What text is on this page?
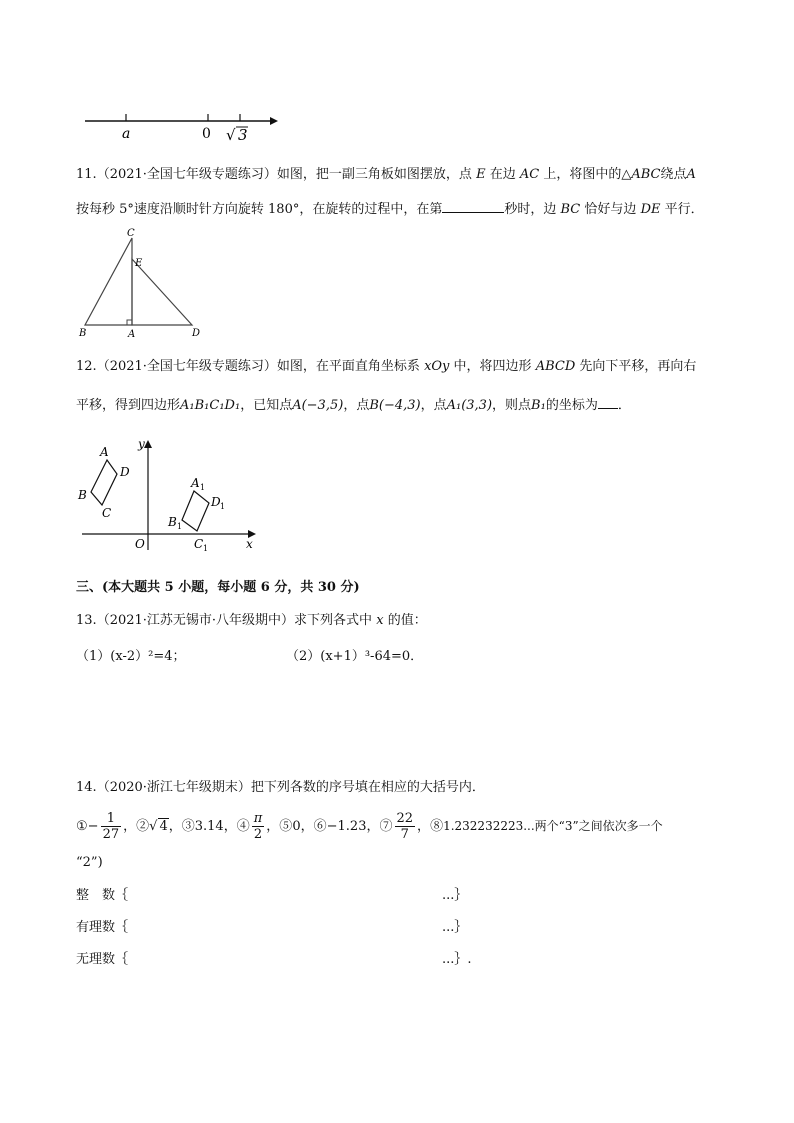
a	0 √ 3
11.（2021·全国七年级专题练习）如图，把一副三角板如图摆放，点 E 在边 AC 上，将图中的△ABC绕点A
按每秒 5°速度沿顺时针方向旋转 180°，在旋转的过程中，在第	秒时，边 BC 恰好与边 DE 平行．
C
E
B	A	D
12.（2021·全国七年级专题练习）如图，在平面直角坐标系 xOy 中，将四边形 ABCD 先向下平移，再向右
平移，得到四边形A₁B₁C₁D₁，已知点A(−3,5)，点B(−4,3)，点A₁(3,3)，则点B₁的坐标为 ．
y
x
O
A
D
B
C
A 1
D 1
B 1
C 1
三、(本大题共 5 小题，每小题 6 分，共 30 分)
13.（2021·江苏无锡市·八年级期中）求下列各式中 x 的值：
（1）(x-2）²=4；	（2）(x+1）³-64=0．
14.（2020·浙江七年级期末）把下列各数的序号填在相应的大括号内．
①− $\frac{1}{27}$ ，②√ 4，③3.14，④ $\frac{\pi}{2}$ ，⑤0，⑥−1.23，⑦ $\frac{22}{7}$ ，⑧1.232232223...两个“3”之间依次多一个
“2”)
整　数｛	...｝
有理数｛	...｝
无理数｛	...｝.
